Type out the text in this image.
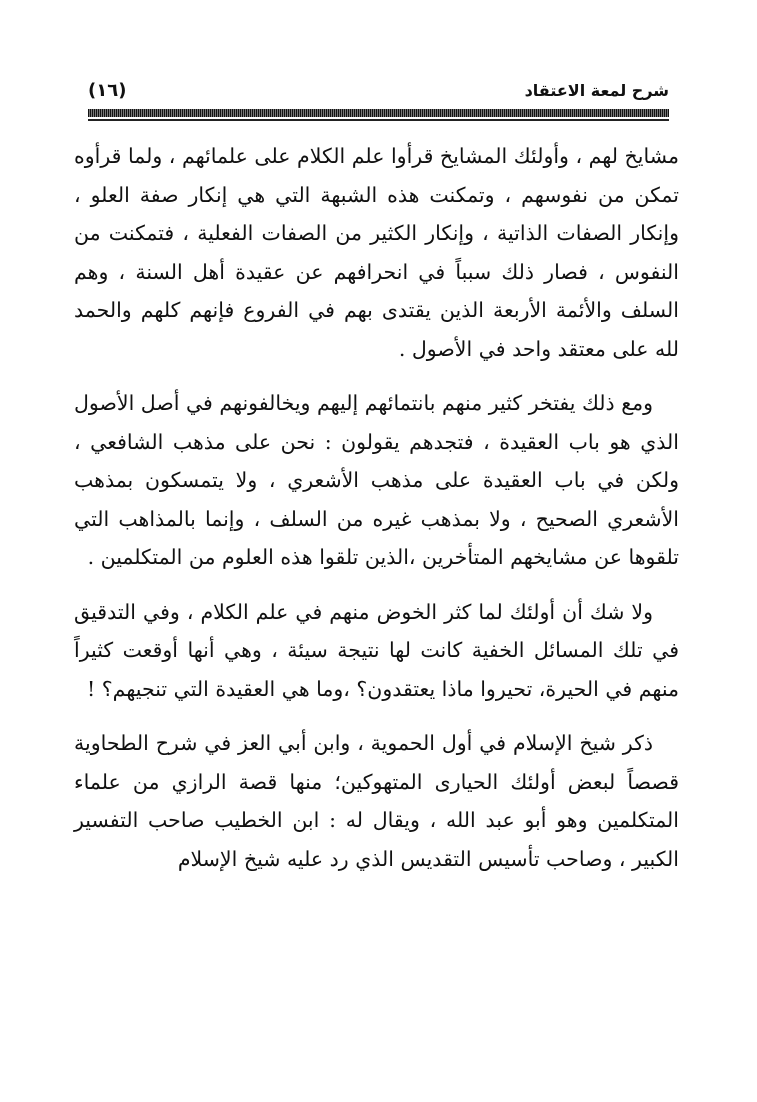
شرح لمعة الاعتقاد
(١٦)

مشايخ لهم ، وأولئك المشايخ قرأوا علم الكلام على علمائهم ، ولما قرأوه تمكن من نفوسهم ، وتمكنت هذه الشبهة التي هي إنكار صفة العلو ، وإنكار الصفات الذاتية ، وإنكار الكثير من الصفات الفعلية ، فتمكنت من النفوس ، فصار ذلك سبباً في انحرافهم عن عقيدة أهل السنة ، وهم السلف والأئمة الأربعة الذين يقتدى بهم في الفروع فإنهم كلهم والحمد لله على معتقد واحد في الأصول .

ومع ذلك يفتخر كثير منهم بانتمائهم إليهم ويخالفونهم في أصل الأصول الذي هو باب العقيدة ، فتجدهم يقولون : نحن على مذهب الشافعي ، ولكن في باب العقيدة على مذهب الأشعري ، ولا يتمسكون بمذهب الأشعري الصحيح ، ولا بمذهب غيره من السلف ، وإنما بالمذاهب التي تلقوها عن مشايخهم المتأخرين ،الذين تلقوا هذه العلوم من المتكلمين .

ولا شك أن أولئك لما كثر الخوض منهم في علم الكلام ، وفي التدقيق في تلك المسائل الخفية كانت لها نتيجة سيئة ، وهي أنها أوقعت كثيراً منهم في الحيرة، تحيروا ماذا يعتقدون؟ ،وما هي العقيدة التي تنجيهم؟ !

ذكر شيخ الإسلام في أول الحموية ، وابن أبي العز في شرح الطحاوية قصصاً لبعض أولئك الحيارى المتهوكين؛ منها قصة الرازي من علماء المتكلمين وهو أبو عبد الله ، ويقال له : ابن الخطيب صاحب التفسير الكبير ، وصاحب تأسيس التقديس الذي رد عليه شيخ الإسلام
